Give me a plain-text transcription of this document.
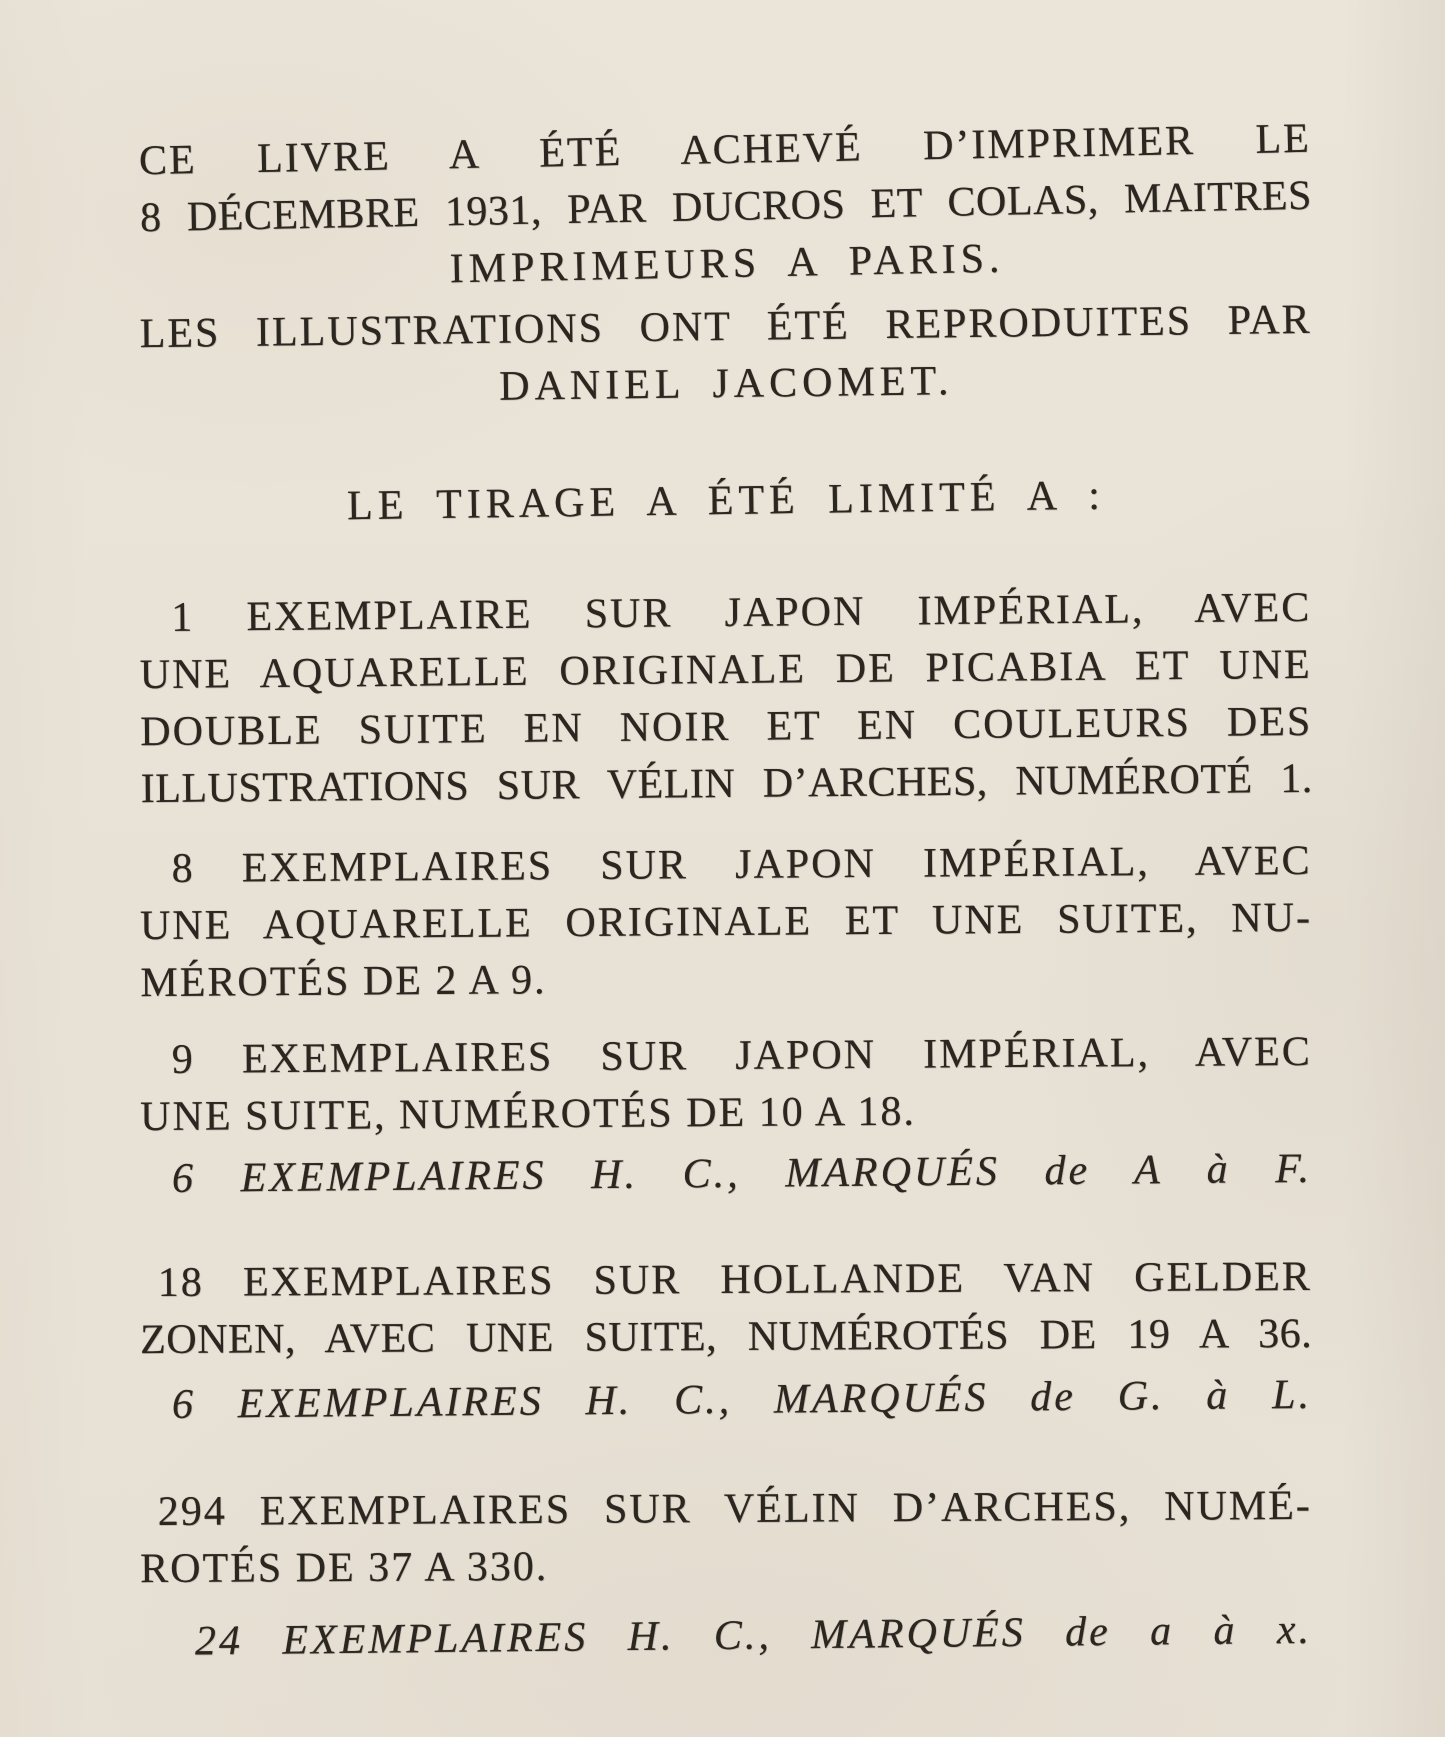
CE LIVRE A ÉTÉ ACHEVÉ D’IMPRIMER LE
8 DÉCEMBRE 1931, PAR DUCROS ET COLAS, MAITRES
IMPRIMEURS A PARIS.
LES ILLUSTRATIONS ONT ÉTÉ REPRODUITES PAR
DANIEL JACOMET.
LE TIRAGE A ÉTÉ LIMITÉ A :
1 EXEMPLAIRE SUR JAPON IMPÉRIAL, AVEC
UNE AQUARELLE ORIGINALE DE PICABIA ET UNE
DOUBLE SUITE EN NOIR ET EN COULEURS DES
ILLUSTRATIONS SUR VÉLIN D’ARCHES, NUMÉROTÉ 1.
8 EXEMPLAIRES SUR JAPON IMPÉRIAL, AVEC
UNE AQUARELLE ORIGINALE ET UNE SUITE, NU-
MÉROTÉS DE 2 A 9.
9 EXEMPLAIRES SUR JAPON IMPÉRIAL, AVEC
UNE SUITE, NUMÉROTÉS DE 10 A 18.
6 EXEMPLAIRES H. C., MARQUÉS de A à F.
18 EXEMPLAIRES SUR HOLLANDE VAN GELDER
ZONEN, AVEC UNE SUITE, NUMÉROTÉS DE 19 A 36.
6 EXEMPLAIRES H. C., MARQUÉS de G. à L.
294 EXEMPLAIRES SUR VÉLIN D’ARCHES, NUMÉ-
ROTÉS DE 37 A 330.
24 EXEMPLAIRES H. C., MARQUÉS de a à x.
